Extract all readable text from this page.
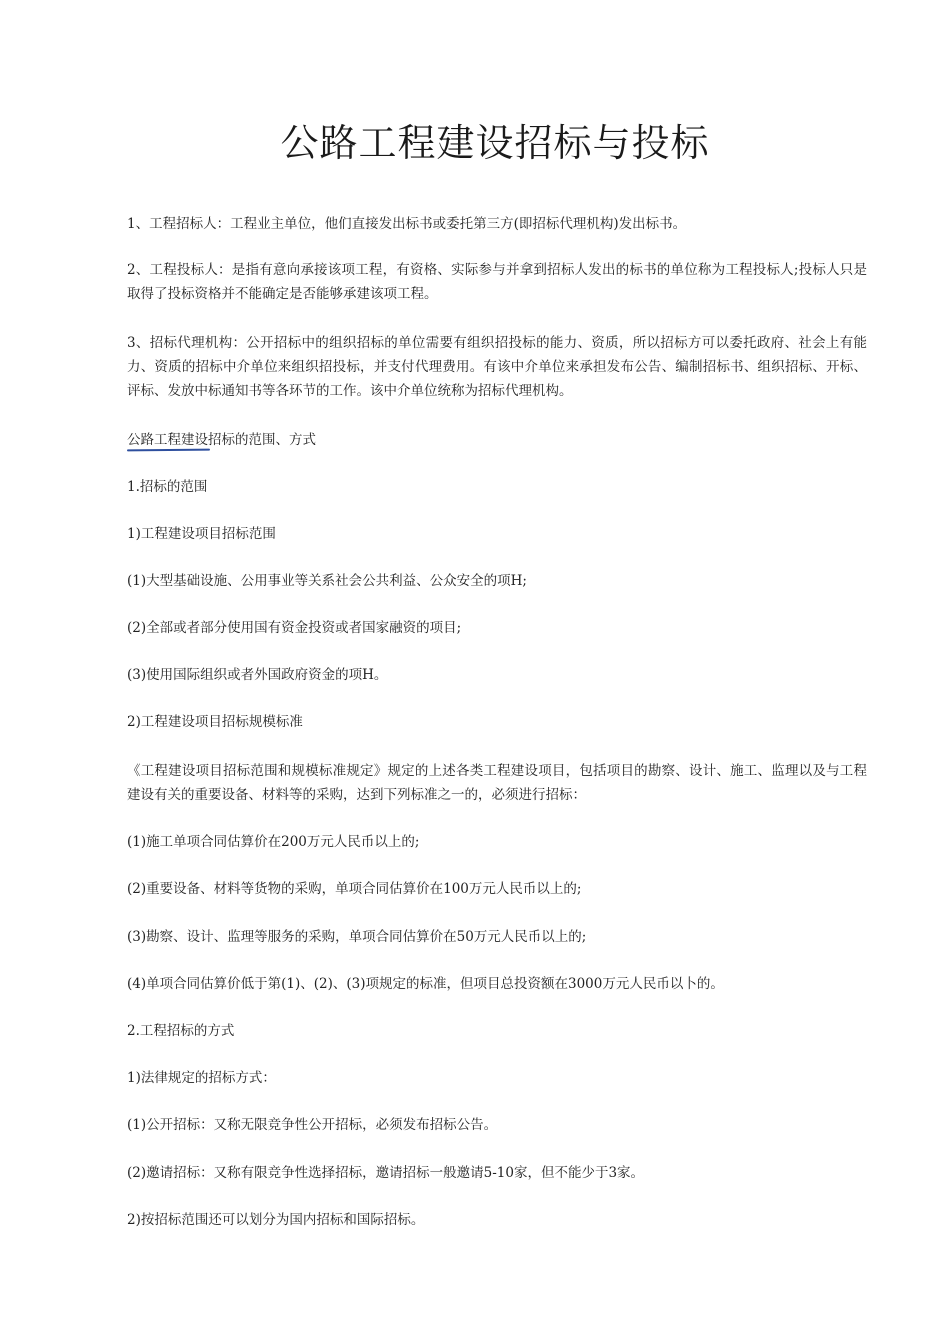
公路工程建设招标与投标

1、工程招标人：工程业主单位，他们直接发出标书或委托第三方(即招标代理机构)发出标书。

2、工程投标人：是指有意向承接该项工程，有资格、实际参与并拿到招标人发出的标书的单位称为工程投标人;投标人只是取得了投标资格并不能确定是否能够承建该项工程。

3、招标代理机构：公开招标中的组织招标的单位需要有组织招投标的能力、资质，所以招标方可以委托政府、社会上有能力、资质的招标中介单位来组织招投标，并支付代理费用。有该中介单位来承担发布公告、编制招标书、组织招标、开标、评标、发放中标通知书等各环节的工作。该中介单位统称为招标代理机构。

公路工程建设招标的范围、方式

1.招标的范围

1)工程建设项目招标范围

(1)大型基础设施、公用事业等关系社会公共利益、公众安全的项H;

(2)全部或者部分使用国有资金投资或者国家融资的项目;

(3)使用国际组织或者外国政府资金的项H。

2)工程建设项目招标规模标准

《工程建设项目招标范围和规模标准规定》规定的上述各类工程建设项目，包括项目的勘察、设计、施工、监理以及与工程建设有关的重要设备、材料等的采购，达到下列标准之一的，必须进行招标：

(1)施工单项合同估算价在200万元人民币以上的;

(2)重要设备、材料等货物的采购，单项合同估算价在100万元人民币以上的;

(3)勘察、设计、监理等服务的采购，单项合同估算价在50万元人民币以上的;

(4)单项合同估算价低于第(1)、(2)、(3)项规定的标准，但项目总投资额在3000万元人民币以卜的。

2.工程招标的方式

1)法律规定的招标方式：

(1)公开招标：又称无限竞争性公开招标，必须发布招标公告。

(2)邀请招标：又称有限竞争性选择招标，邀请招标一般邀请5-10家，但不能少于3家。

2)按招标范围还可以划分为国内招标和国际招标。
